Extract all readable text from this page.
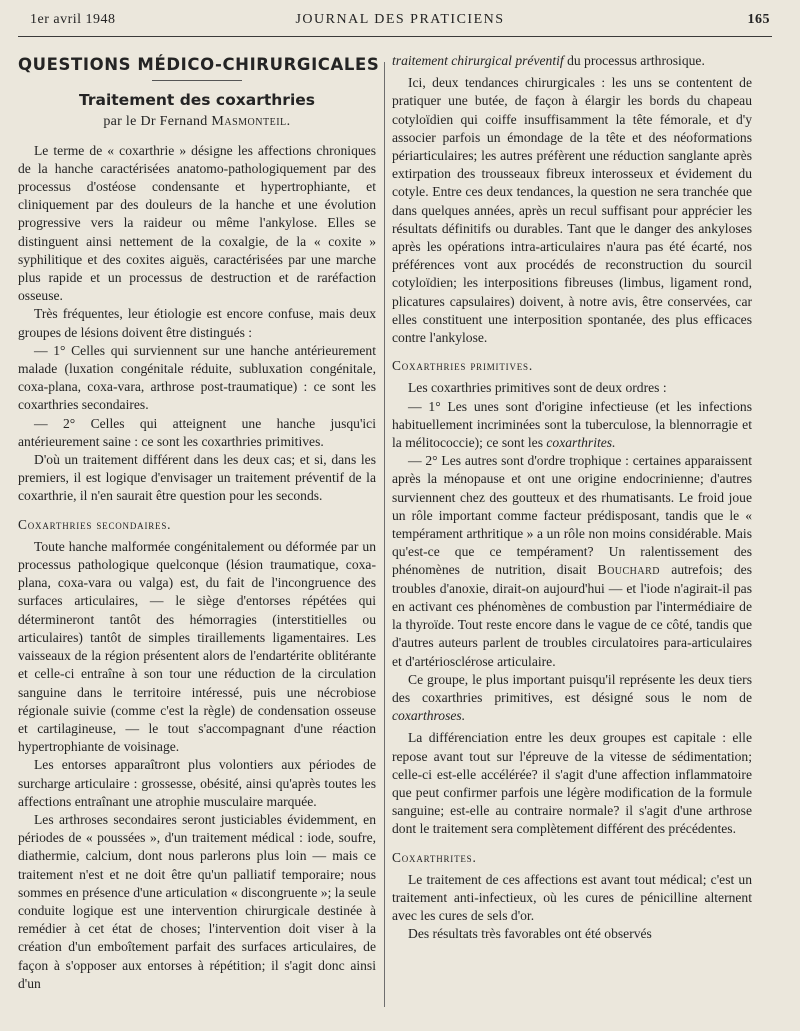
1er avril 1948	JOURNAL DES PRATICIENS	165
QUESTIONS MÉDICO-CHIRURGICALES
Traitement des coxarthries
par le Dr Fernand Masmonteil.

Le terme de « coxarthrie » désigne les affections chroniques de la hanche caractérisées anatomo-pathologiquement par des processus d'ostéose condensante et hypertrophiante, et cliniquement par des douleurs de la hanche et une évolution progressive vers la raideur ou même l'ankylose. Elles se distinguent ainsi nettement de la coxalgie, de la « coxite » syphilitique et des coxites aiguës, caractérisées par une marche plus rapide et un processus de destruction et de raréfaction osseuse.

Très fréquentes, leur étiologie est encore confuse, mais deux groupes de lésions doivent être distingués :

— 1° Celles qui surviennent sur une hanche antérieurement malade (luxation congénitale réduite, subluxation congénitale, coxa-plana, coxa-vara, arthrose post-traumatique) : ce sont les coxarthries secondaires.

— 2° Celles qui atteignent une hanche jusqu'ici antérieurement saine : ce sont les coxarthries primitives.

D'où un traitement différent dans les deux cas; et si, dans les premiers, il est logique d'envisager un traitement préventif de la coxarthrie, il n'en saurait être question pour les seconds.

Coxarthries secondaires.

Toute hanche malformée congénitalement ou déformée par un processus pathologique quelconque (lésion traumatique, coxa-plana, coxa-vara ou valga) est, du fait de l'incongruence des surfaces articulaires, — le siège d'entorses répétées qui détermineront tantôt des hémorragies (interstitielles ou articulaires) tantôt de simples tiraillements ligamentaires. Les vaisseaux de la région présentent alors de l'endartérite oblitérante et celle-ci entraîne à son tour une réduction de la circulation sanguine dans le territoire intéressé, puis une nécrobiose régionale suivie (comme c'est la règle) de condensation osseuse et cartilagineuse, — le tout s'accompagnant d'une réaction hypertrophiante de voisinage.

Les entorses apparaîtront plus volontiers aux périodes de surcharge articulaire : grossesse, obésité, ainsi qu'après toutes les affections entraînant une atrophie musculaire marquée.

Les arthroses secondaires seront justiciables évidemment, en périodes de « poussées », d'un traitement médical : iode, soufre, diathermie, calcium, dont nous parlerons plus loin — mais ce traitement n'est et ne doit être qu'un palliatif temporaire; nous sommes en présence d'une articulation « discongruente »; la seule conduite logique est une intervention chirurgicale destinée à remédier à cet état de choses; l'intervention doit viser à la création d'un emboîtement parfait des surfaces articulaires, de façon à s'opposer aux entorses à répétition; il s'agit donc ainsi d'un

traitement chirurgical préventif du processus arthrosique.

Ici, deux tendances chirurgicales : les uns se contentent de pratiquer une butée, de façon à élargir les bords du chapeau cotyloïdien qui coiffe insuffisamment la tête fémorale, et d'y associer parfois un émondage de la tête et des néoformations périarticulaires; les autres préfèrent une réduction sanglante après extirpation des trousseaux fibreux interosseux et évidement du cotyle. Entre ces deux tendances, la question ne sera tranchée que dans quelques années, après un recul suffisant pour apprécier les résultats définitifs ou durables. Tant que le danger des ankyloses après les opérations intra-articulaires n'aura pas été écarté, nos préférences vont aux procédés de reconstruction du sourcil cotyloïdien; les interpositions fibreuses (limbus, ligament rond, plicatures capsulaires) doivent, à notre avis, être conservées, car elles constituent une interposition spontanée, des plus efficaces contre l'ankylose.

Coxarthries primitives.

Les coxarthries primitives sont de deux ordres :

— 1° Les unes sont d'origine infectieuse (et les infections habituellement incriminées sont la tuberculose, la blennorragie et la mélitococcie); ce sont les coxarthrites.

— 2° Les autres sont d'ordre trophique : certaines apparaissent après la ménopause et ont une origine endocrinienne; d'autres surviennent chez des goutteux et des rhumatisants. Le froid joue un rôle important comme facteur prédisposant, tandis que le « tempérament arthritique » a un rôle non moins considérable. Mais qu'est-ce que ce tempérament? Un ralentissement des phénomènes de nutrition, disait Bouchard autrefois; des troubles d'anoxie, dirait-on aujourd'hui — et l'iode n'agirait-il pas en activant ces phénomènes de combustion par l'intermédiaire de la thyroïde. Tout reste encore dans le vague de ce côté, tandis que d'autres auteurs parlent de troubles circulatoires para-articulaires et d'artériosclérose articulaire.

Ce groupe, le plus important puisqu'il représente les deux tiers des coxarthries primitives, est désigné sous le nom de coxarthroses.

La différenciation entre les deux groupes est capitale : elle repose avant tout sur l'épreuve de la vitesse de sédimentation; celle-ci est-elle accélérée? il s'agit d'une affection inflammatoire que peut confirmer parfois une légère modification de la formule sanguine; est-elle au contraire normale? il s'agit d'une arthrose dont le traitement sera complètement différent des précédentes.

Coxarthrites.

Le traitement de ces affections est avant tout médical; c'est un traitement anti-infectieux, où les cures de pénicilline alternent avec les cures de sels d'or.

Des résultats très favorables ont été observés
